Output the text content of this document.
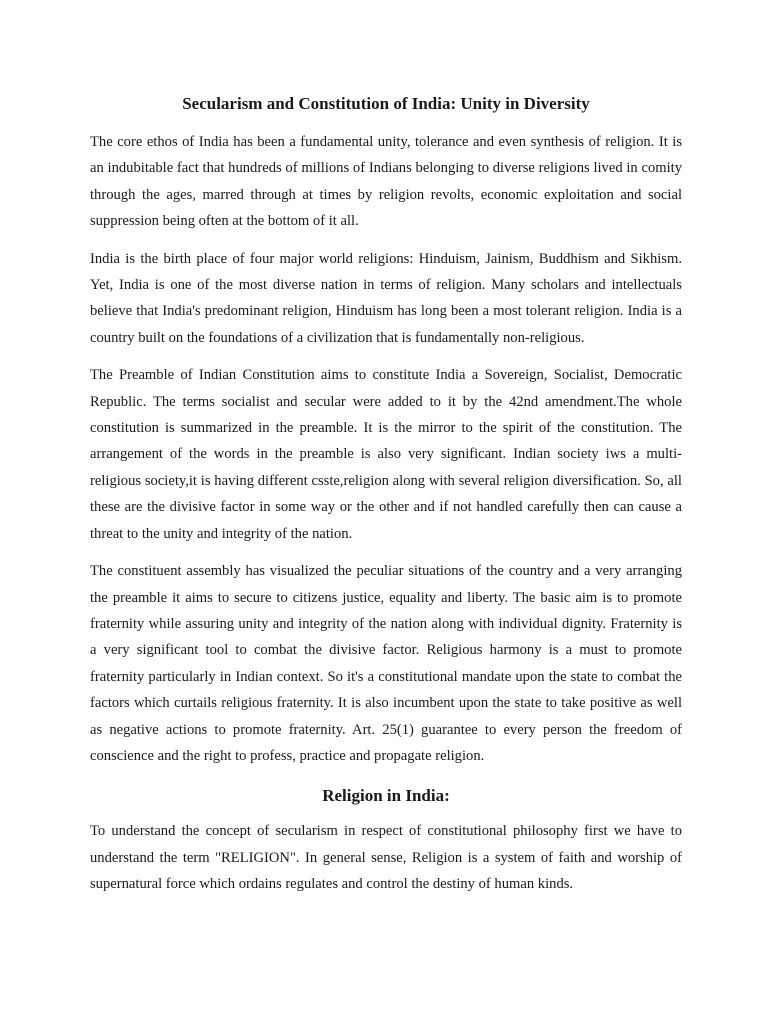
Secularism and Constitution of India: Unity in Diversity

The core ethos of India has been a fundamental unity, tolerance and even synthesis of religion. It is an indubitable fact that hundreds of millions of Indians belonging to diverse religions lived in comity through the ages, marred through at times by religion revolts, economic exploitation and social suppression being often at the bottom of it all.

India is the birth place of four major world religions: Hinduism, Jainism, Buddhism and Sikhism. Yet, India is one of the most diverse nation in terms of religion. Many scholars and intellectuals believe that India's predominant religion, Hinduism has long been a most tolerant religion. India is a country built on the foundations of a civilization that is fundamentally non-religious.

The Preamble of Indian Constitution aims to constitute India a Sovereign, Socialist, Democratic Republic. The terms socialist and secular were added to it by the 42nd amendment.The whole constitution is summarized in the preamble. It is the mirror to the spirit of the constitution. The arrangement of the words in the preamble is also very significant. Indian society iws a multi-religious society,it is having different csste,religion along with several religion diversification. So, all these are the divisive factor in some way or the other and if not handled carefully then can cause a threat to the unity and integrity of the nation.

The constituent assembly has visualized the peculiar situations of the country and a very arranging the preamble it aims to secure to citizens justice, equality and liberty. The basic aim is to promote fraternity while assuring unity and integrity of the nation along with individual dignity. Fraternity is a very significant tool to combat the divisive factor. Religious harmony is a must to promote fraternity particularly in Indian context. So it's a constitutional mandate upon the state to combat the factors which curtails religious fraternity. It is also incumbent upon the state to take positive as well as negative actions to promote fraternity. Art. 25(1) guarantee to every person the freedom of conscience and the right to profess, practice and propagate religion.

Religion in India:

To understand the concept of secularism in respect of constitutional philosophy first we have to understand the term "RELIGION". In general sense, Religion is a system of faith and worship of supernatural force which ordains regulates and control the destiny of human kinds.
